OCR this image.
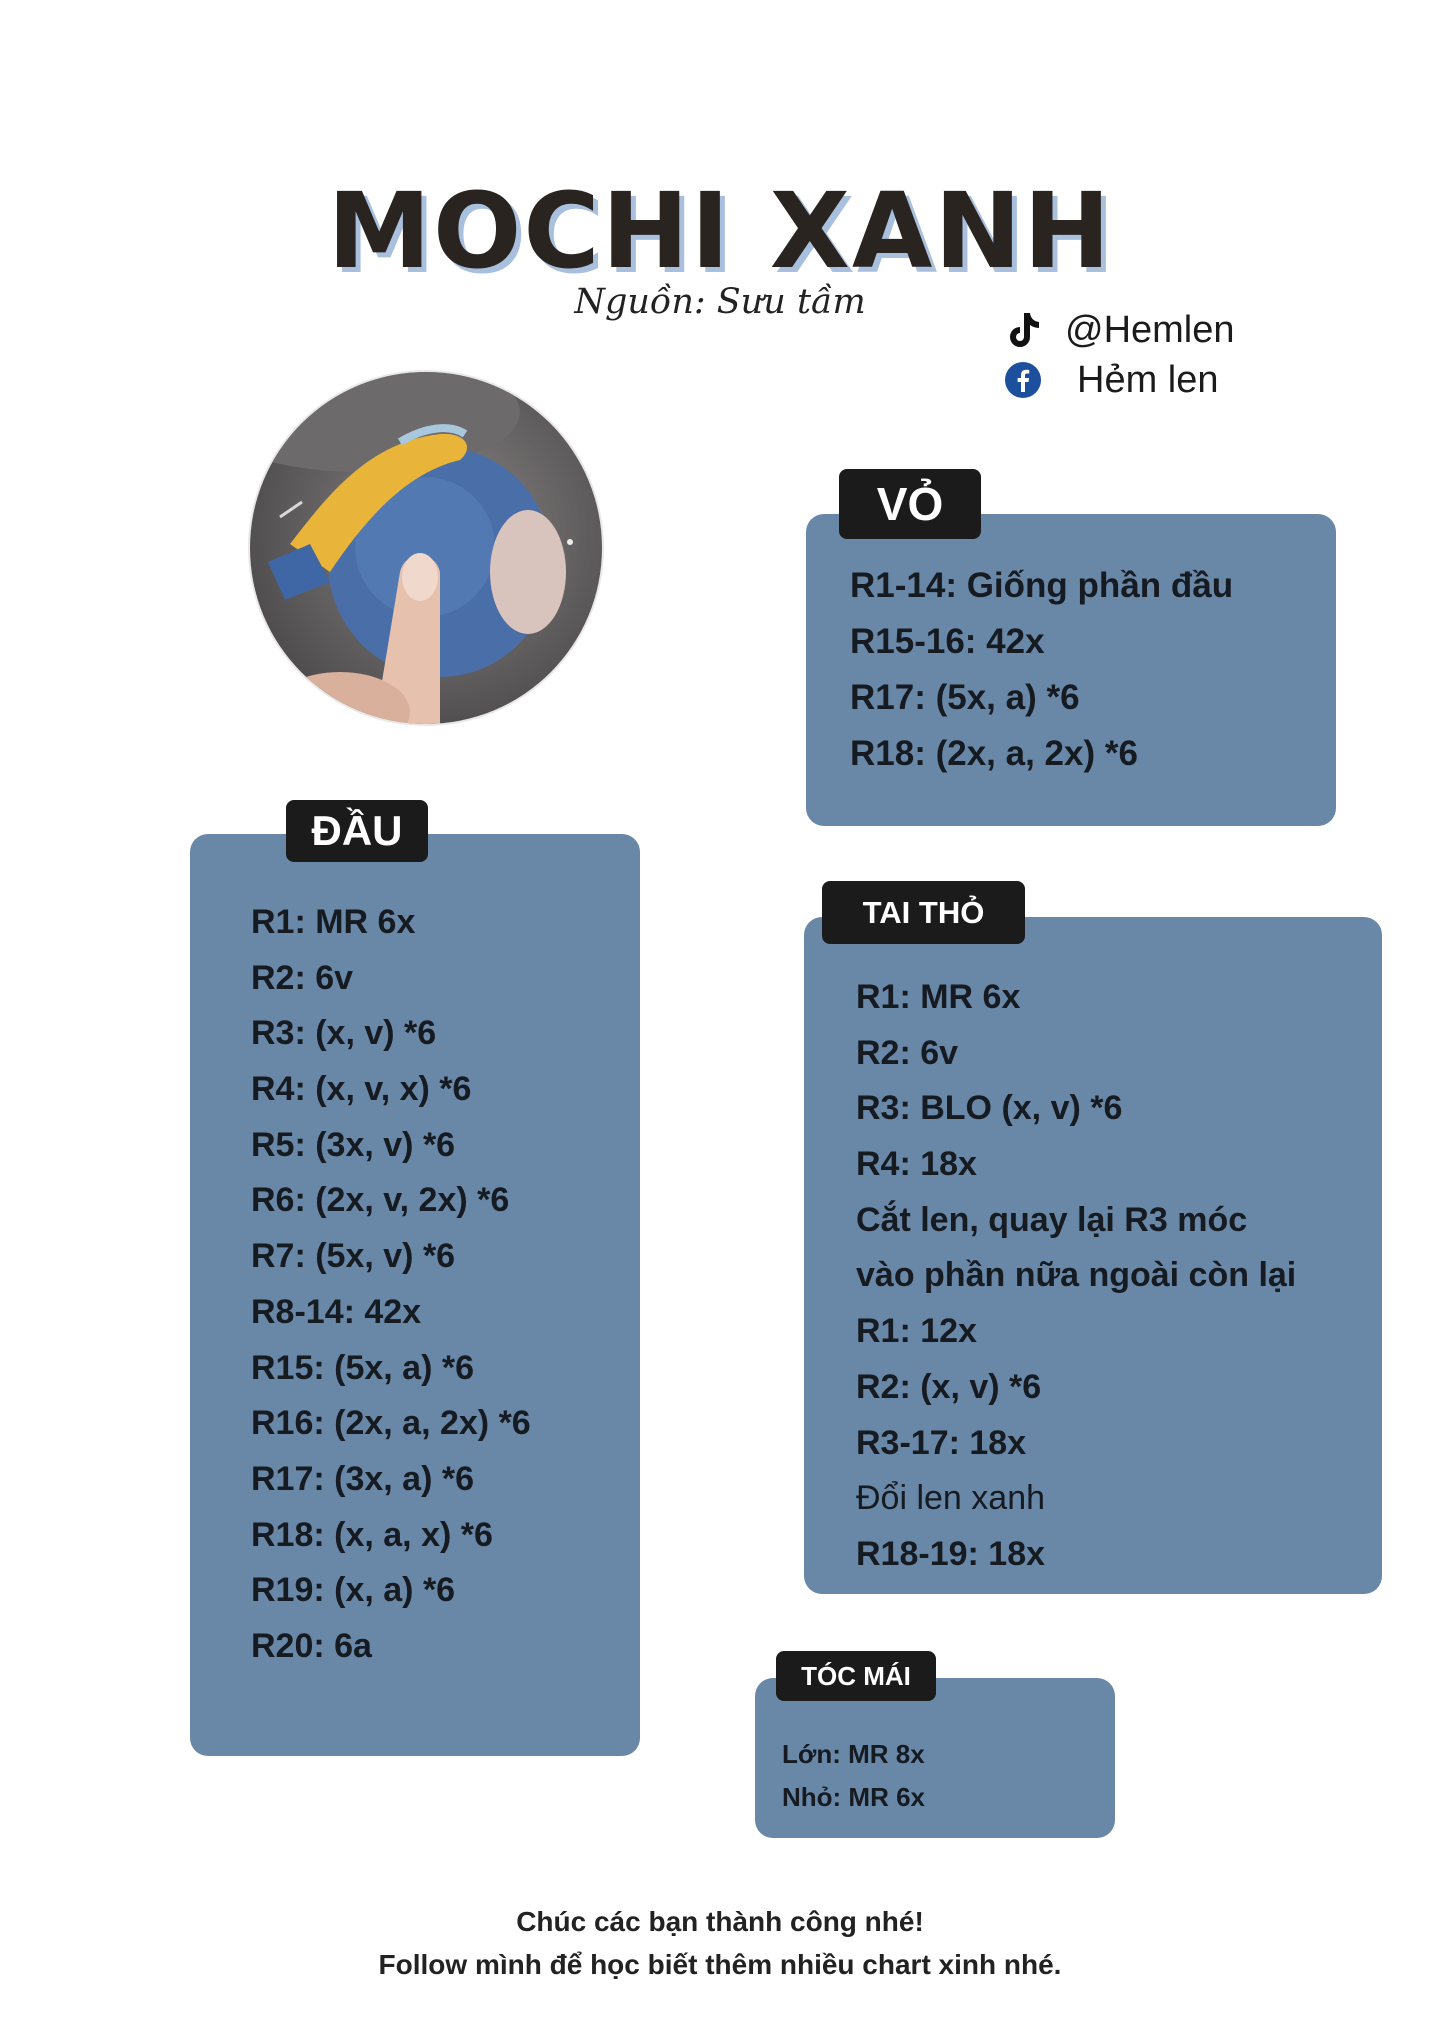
MOCHI XANH
Nguồn: Sưu tầm
@Hemlen
Hẻm len
VỎ
R1-14: Giống phần đầu
R15-16: 42x
R17: (5x, a) *6
R18: (2x, a, 2x) *6
ĐẦU
R1: MR 6x
R2: 6v
R3: (x, v) *6
R4: (x, v, x) *6
R5: (3x, v) *6
R6: (2x, v, 2x) *6
R7: (5x, v) *6
R8-14: 42x
R15: (5x, a) *6
R16: (2x, a, 2x) *6
R17: (3x, a) *6
R18: (x, a, x) *6
R19: (x, a) *6
R20: 6a
TAI THỎ
R1: MR 6x
R2: 6v
R3: BLO (x, v) *6
R4: 18x
Cắt len, quay lại R3 móc
vào phần nữa ngoài còn lại
R1: 12x
R2: (x, v) *6
R3-17: 18x
Đổi len xanh
R18-19: 18x
TÓC MÁI
Lớn: MR 8x
Nhỏ: MR 6x
Chúc các bạn thành công nhé!
Follow mình để học biết thêm nhiều chart xinh nhé.
